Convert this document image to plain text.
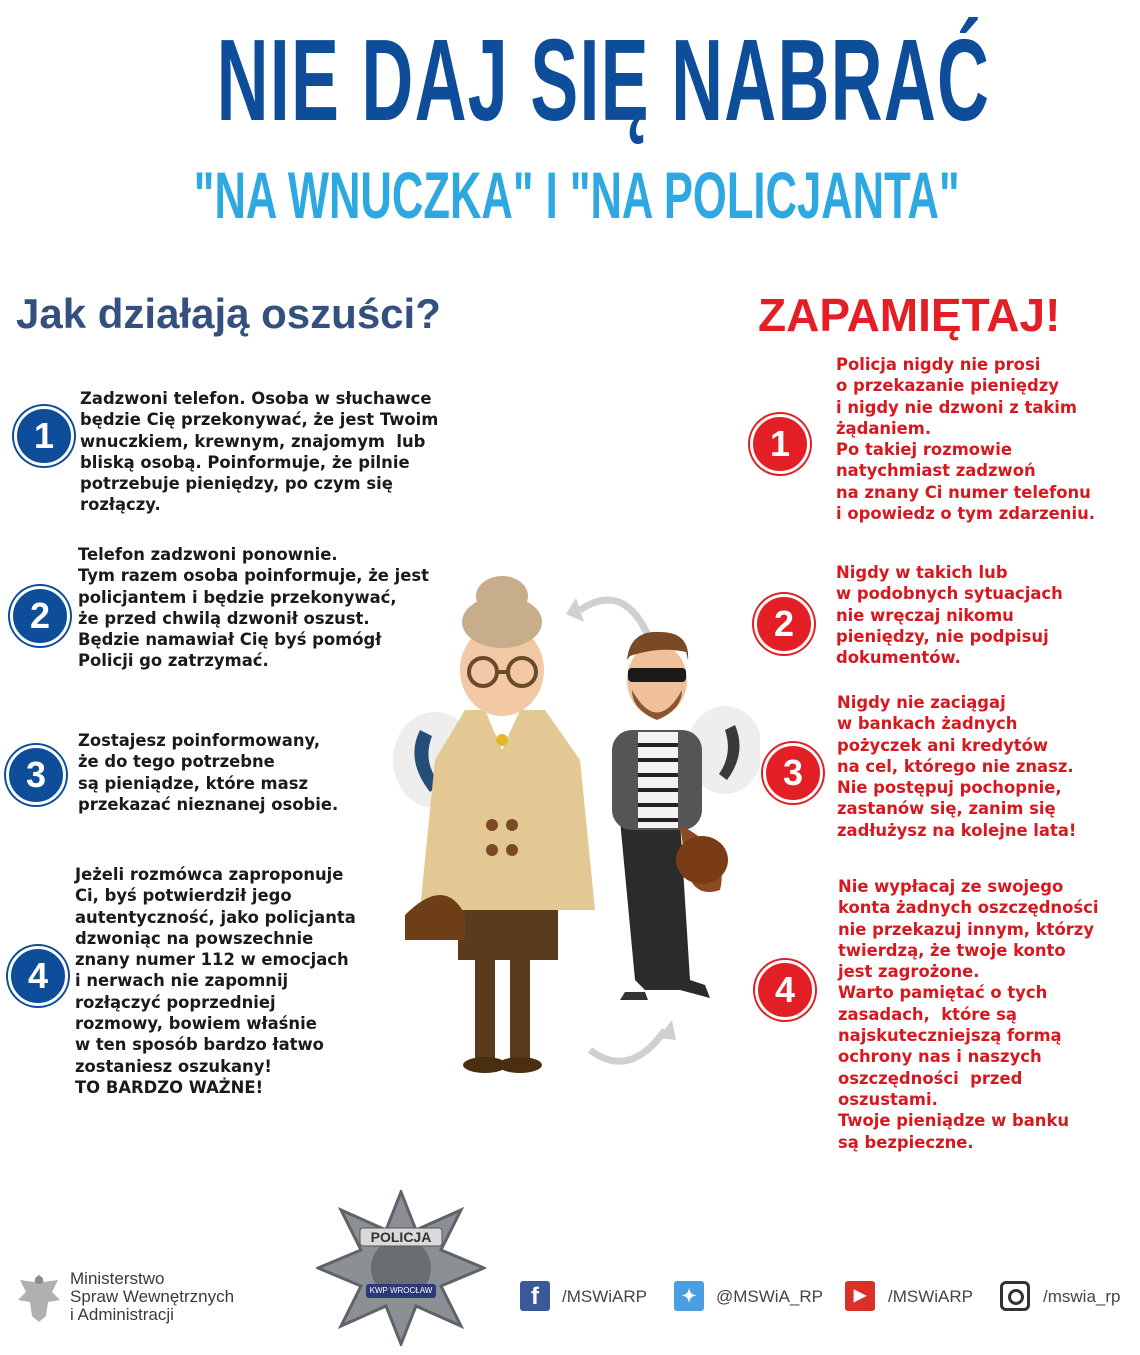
NIE DAJ SIĘ NABRAĆ
"NA WNUCZKA" I "NA POLICJANTA"
Jak działają oszuści?	ZAPAMIĘTAJ!
1
Zadzwoni telefon. Osoba w słuchawce
będzie Cię przekonywać, że jest Twoim
wnuczkiem, krewnym, znajomym  lub
bliską osobą. Poinformuje, że pilnie
potrzebuje pieniędzy, po czym się
rozłączy.
2
Telefon zadzwoni ponownie.
Tym razem osoba poinformuje, że jest
policjantem i będzie przekonywać,
że przed chwilą dzwonił oszust.
Będzie namawiał Cię byś pomógł
Policji go zatrzymać.
3
Zostajesz poinformowany,
że do tego potrzebne
są pieniądze, które masz
przekazać nieznanej osobie.
4
Jeżeli rozmówca zaproponuje
Ci, byś potwierdził jego
autentyczność, jako policjanta
dzwoniąc na powszechnie
znany numer 112 w emocjach
i nerwach nie zapomnij
rozłączyć poprzedniej
rozmowy, bowiem właśnie
w ten sposób bardzo łatwo
zostaniesz oszukany!
TO BARDZO WAŻNE!
1
Policja nigdy nie prosi
o przekazanie pieniędzy
i nigdy nie dzwoni z takim
żądaniem.
Po takiej rozmowie
natychmiast zadzwoń
na znany Ci numer telefonu
i opowiedz o tym zdarzeniu.
2
Nigdy w takich lub
w podobnych sytuacjach
nie wręczaj nikomu
pieniędzy, nie podpisuj
dokumentów.
3
Nigdy nie zaciągaj
w bankach żadnych
pożyczek ani kredytów
na cel, którego nie znasz.
Nie postępuj pochopnie,
zastanów się, zanim się
zadłużysz na kolejne lata!
4
Nie wypłacaj ze swojego
konta żadnych oszczędności
nie przekazuj innym, którzy
twierdzą, że twoje konto
jest zagrożone.
Warto pamiętać o tych
zasadach,  które są
najskuteczniejszą formą
ochrony nas i naszych
oszczędności  przed
oszustami.
Twoje pieniądze w banku
są bezpieczne.
Ministerstwo
Spraw Wewnętrznych
i Administracji
POLICJA
KWP WROCŁAW	f	/MSWiARP	✦	@MSWiA_RP	▶	/MSWiARP	/mswia_rp
